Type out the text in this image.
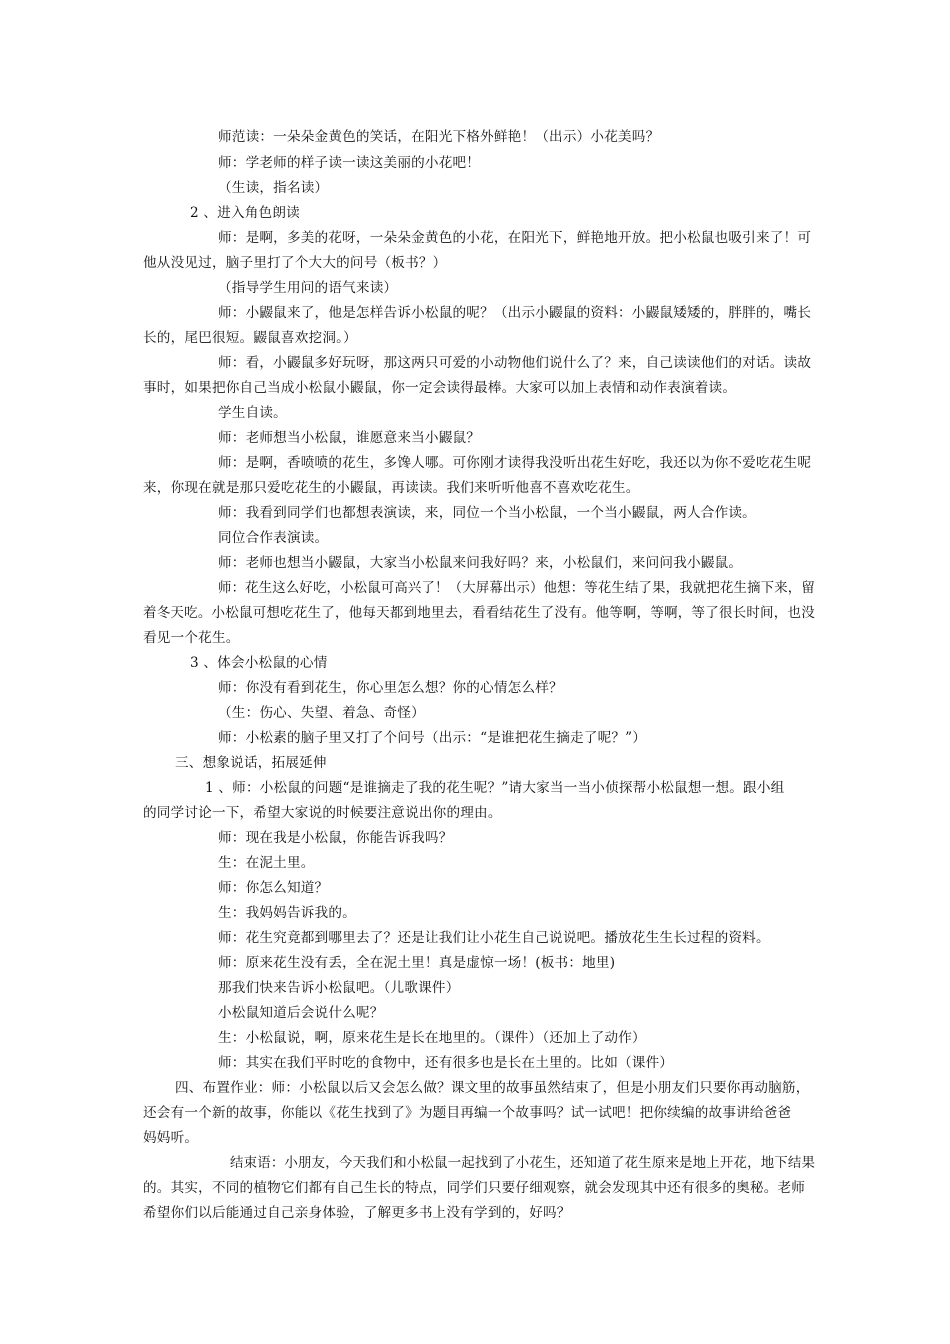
师范读：一朵朵金黄色的笑话，在阳光下格外鲜艳！（出示）小花美吗？
师：学老师的样子读一读这美丽的小花吧！
（生读，指名读）
2 、进入角色朗读
师：是啊，多美的花呀，一朵朵金黄色的小花，在阳光下，鲜艳地开放。把小松鼠也吸引来了！可
他从没见过，脑子里打了个大大的问号（板书？）
（指导学生用问的语气来读）
师：小鼹鼠来了，他是怎样告诉小松鼠的呢？（出示小鼹鼠的资料：小鼹鼠矮矮的，胖胖的，嘴长
长的，尾巴很短。鼹鼠喜欢挖洞。）
师：看，小鼹鼠多好玩呀，那这两只可爱的小动物他们说什么了？来，自己读读他们的对话。读故
事时，如果把你自己当成小松鼠小鼹鼠，你一定会读得最棒。大家可以加上表情和动作表演着读。
学生自读。
师：老师想当小松鼠，谁愿意来当小鼹鼠？
师：是啊，香喷喷的花生，多馋人哪。可你刚才读得我没听出花生好吃，我还以为你不爱吃花生呢
来，你现在就是那只爱吃花生的小鼹鼠，再读读。我们来听听他喜不喜欢吃花生。
师：我看到同学们也都想表演读，来，同位一个当小松鼠，一个当小鼹鼠，两人合作读。
同位合作表演读。
师：老师也想当小鼹鼠，大家当小松鼠来问我好吗？来，小松鼠们，来问问我小鼹鼠。
师：花生这么好吃，小松鼠可高兴了！（大屏幕出示）他想：等花生结了果，我就把花生摘下来，留
着冬天吃。小松鼠可想吃花生了，他每天都到地里去，看看结花生了没有。他等啊，等啊，等了很长时间，也没
看见一个花生。
3 、体会小松鼠的心情
师：你没有看到花生，你心里怎么想？你的心情怎么样？
（生：伤心、失望、着急、奇怪）
师：小松素的脑子里又打了个问号（出示：“是谁把花生摘走了呢？”）
三、想象说话，拓展延伸
1 、师：小松鼠的问题“是谁摘走了我的花生呢？”请大家当一当小侦探帮小松鼠想一想。跟小组
的同学讨论一下，希望大家说的时候要注意说出你的理由。
师：现在我是小松鼠，你能告诉我吗？
生：在泥土里。
师：你怎么知道？
生：我妈妈告诉我的。
师：花生究竟都到哪里去了？还是让我们让小花生自己说说吧。播放花生生长过程的资料。
师：原来花生没有丢，全在泥土里！真是虚惊一场！(板书：地里)
那我们快来告诉小松鼠吧。（儿歌课件）
小松鼠知道后会说什么呢？
生：小松鼠说，啊，原来花生是长在地里的。（课件）（还加上了动作）
师：其实在我们平时吃的食物中，还有很多也是长在土里的。比如（课件）
四、布置作业：师：小松鼠以后又会怎么做？课文里的故事虽然结束了，但是小朋友们只要你再动脑筋，
还会有一个新的故事，你能以《花生找到了》为题目再编一个故事吗？试一试吧！把你续编的故事讲给爸爸
妈妈听。
结束语：小朋友，今天我们和小松鼠一起找到了小花生，还知道了花生原来是地上开花，地下结果
的。其实，不同的植物它们都有自己生长的特点，同学们只要仔细观察，就会发现其中还有很多的奥秘。老师
希望你们以后能通过自己亲身体验，了解更多书上没有学到的，好吗？
